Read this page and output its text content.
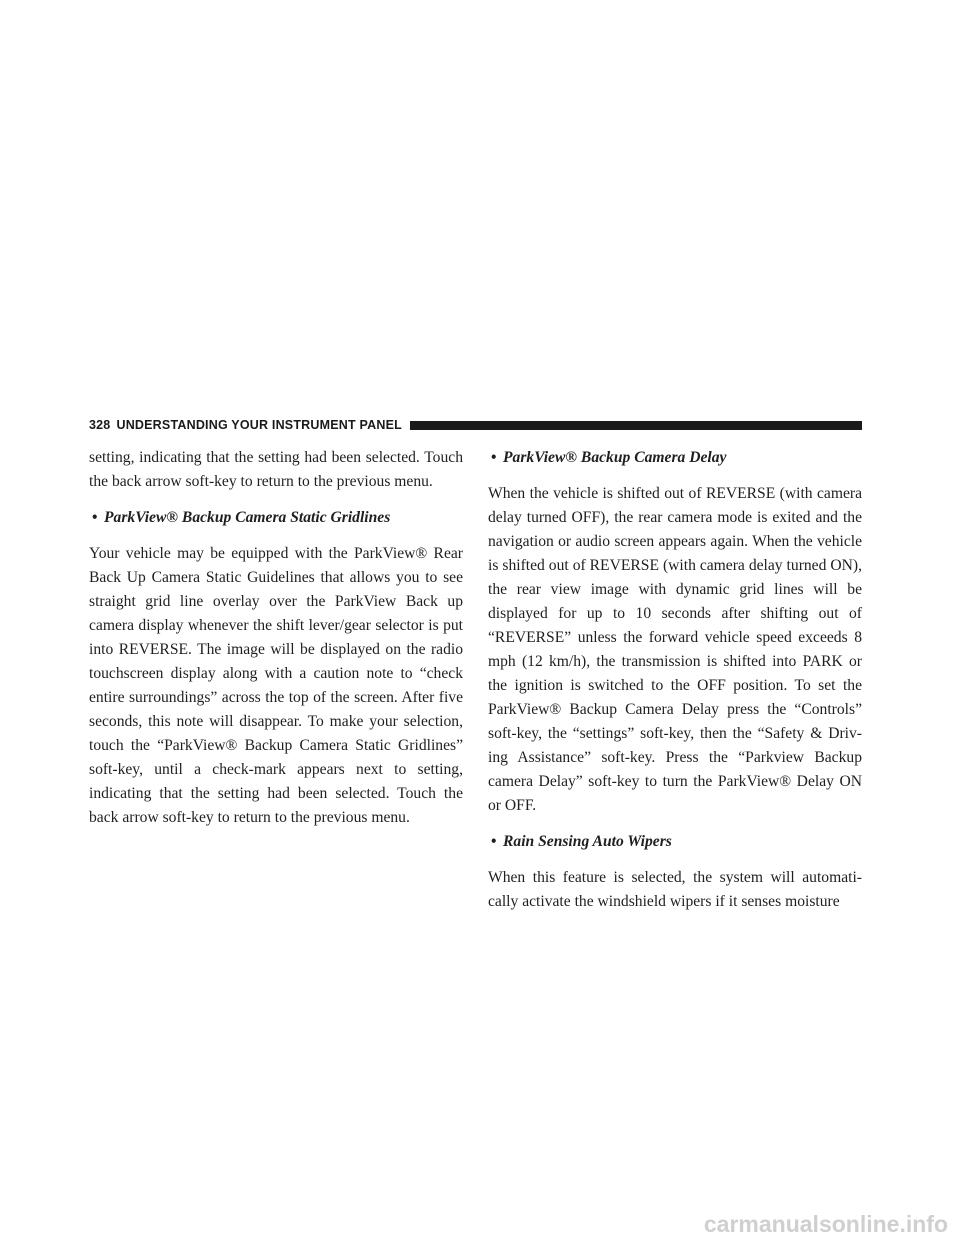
328 UNDERSTANDING YOUR INSTRUMENT PANEL

setting, indicating that the setting had been selected. Touch the back arrow soft-key to return to the previous menu.

• ParkView® Backup Camera Static Gridlines

Your vehicle may be equipped with the ParkView® Rear Back Up Camera Static Guidelines that allows you to see straight grid line overlay over the ParkView Back up camera display whenever the shift lever/gear selector is put into REVERSE. The image will be displayed on the radio touchscreen display along with a caution note to “check entire surroundings” across the top of the screen. After five seconds, this note will disappear. To make your selection, touch the “ParkView® Backup Camera Static Gridlines” soft-key, until a check-mark appears next to setting, indicating that the setting had been selected. Touch the back arrow soft-key to return to the previous menu.

• ParkView® Backup Camera Delay

When the vehicle is shifted out of REVERSE (with camera delay turned OFF), the rear camera mode is exited and the navigation or audio screen appears again. When the vehicle is shifted out of REVERSE (with camera delay turned ON), the rear view image with dynamic grid lines will be displayed for up to 10 seconds after shifting out of “REVERSE” unless the forward vehicle speed exceeds 8 mph (12 km/h), the transmission is shifted into PARK or the ignition is switched to the OFF position. To set the ParkView® Backup Camera Delay press the “Controls” soft-key, the “settings” soft-key, then the “Safety & Driv-ing Assistance” soft-key. Press the “Parkview Backup camera Delay” soft-key to turn the ParkView® Delay ON or OFF.

• Rain Sensing Auto Wipers

When this feature is selected, the system will automati-cally activate the windshield wipers if it senses moisture

carmanualsonline.info
